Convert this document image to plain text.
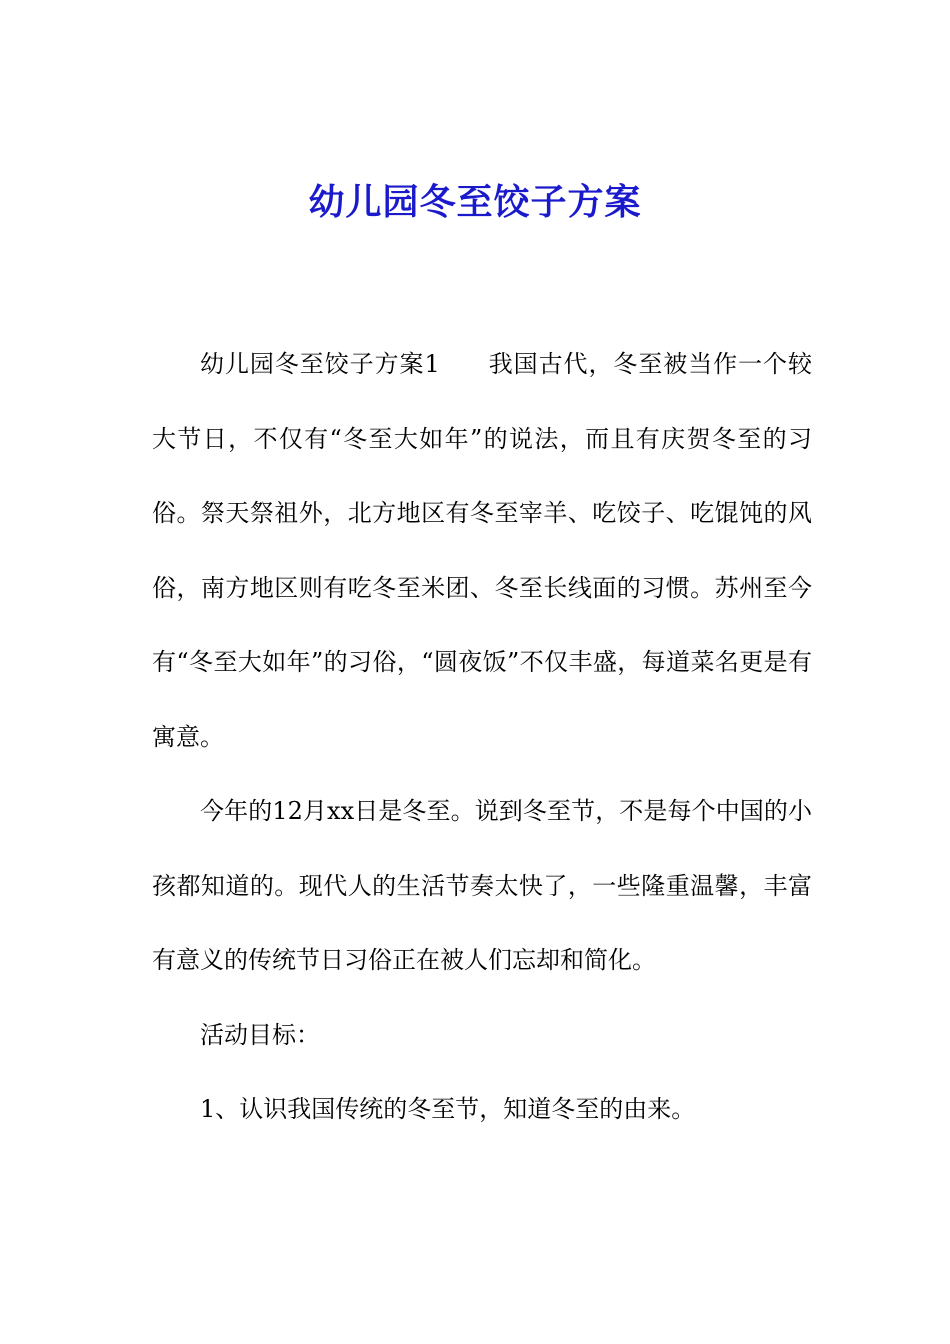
幼儿园冬至饺子方案

幼儿园冬至饺子方案1 我国古代，冬至被当作一个较大节日，不仅有“冬至大如年”的说法，而且有庆贺冬至的习俗。祭天祭祖外，北方地区有冬至宰羊、吃饺子、吃馄饨的风俗，南方地区则有吃冬至米团、冬至长线面的习惯。苏州至今有“冬至大如年”的习俗，“圆夜饭”不仅丰盛，每道菜名更是有寓意。

今年的12月xx日是冬至。说到冬至节，不是每个中国的小孩都知道的。现代人的生活节奏太快了，一些隆重温馨，丰富有意义的传统节日习俗正在被人们忘却和简化。

活动目标：

1、认识我国传统的冬至节，知道冬至的由来。
